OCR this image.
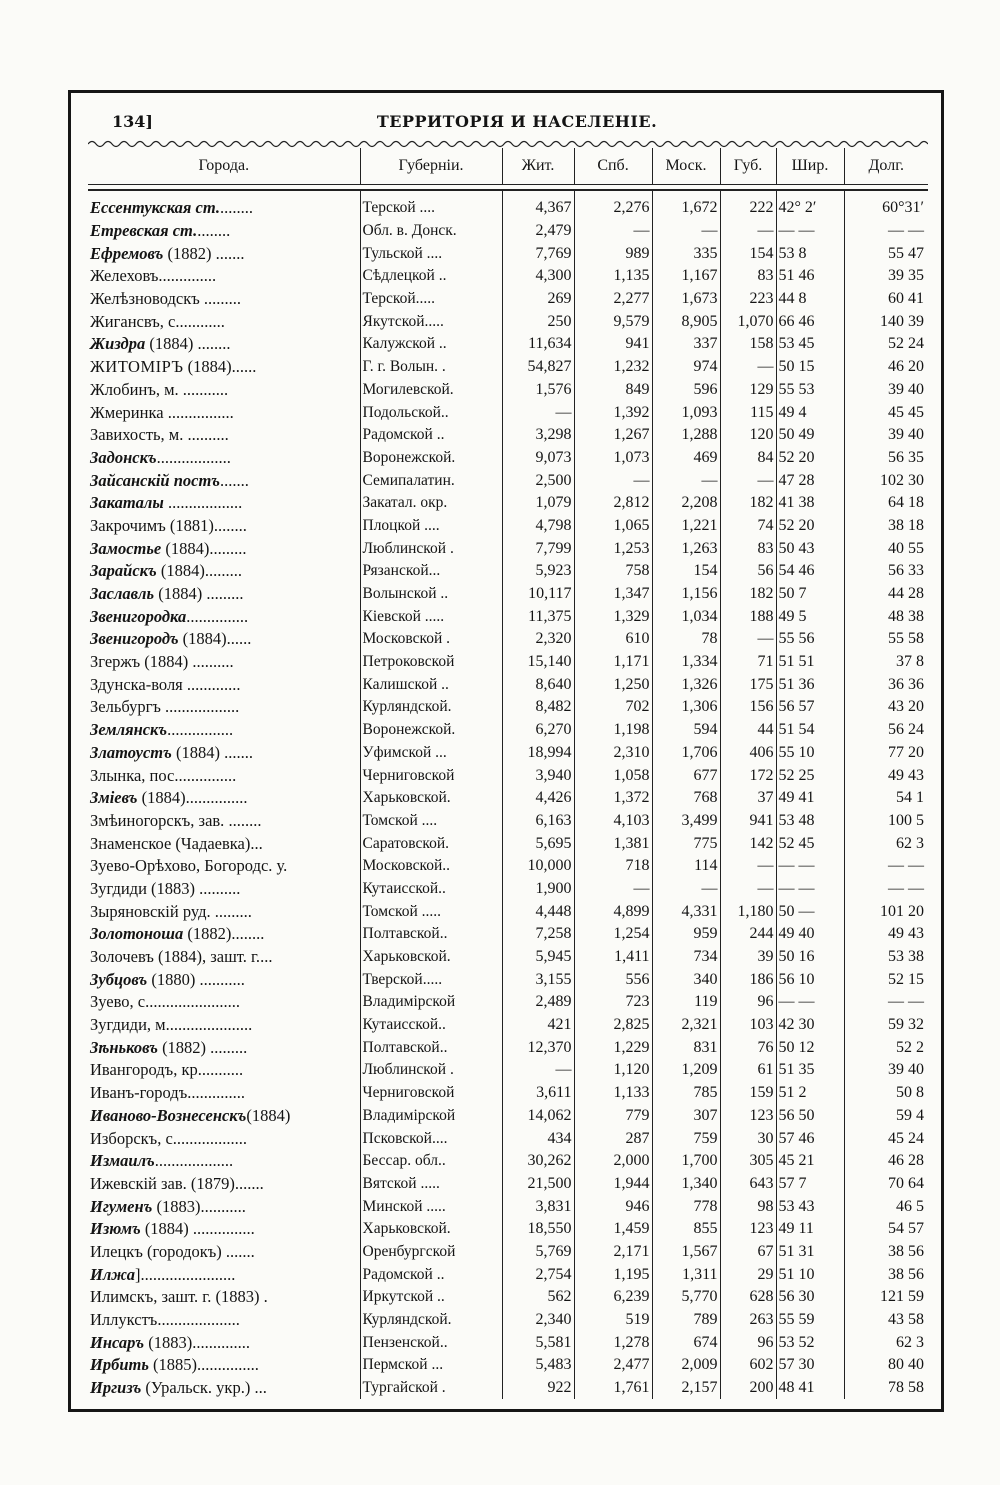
134]	ТЕРРИТОРІЯ И НАСЕЛЕНІЕ.
Города.	Губерніи.	Жит.	Спб.	Моск.	Губ.	Шир.	Долг.

Ессентукская ст.........	Терской ....	4,367	2,276	1,672	222	42° 2′	60°31′
Етревская ст.........	Обл. в. Донск.	2,479	—	—	—	— —	— —
Ефремовъ (1882) .......	Тульской ....	7,769	989	335	154	53 8	55 47
Желеховъ..............	Сѣдлецкой ..	4,300	1,135	1,167	83	51 46	39 35
Желѣзноводскъ .........	Терской.....	269	2,277	1,673	223	44 8	60 41
Жигансвъ, с............	Якутской.....	250	9,579	8,905	1,070	66 46	140 39
Жиздра (1884) ........	Калужской ..	11,634	941	337	158	53 45	52 24
ЖИТОМІРЪ (1884)......	Г. г. Волын. .	54,827	1,232	974	—	50 15	46 20
Жлобинъ, м. ...........	Могилевской.	1,576	849	596	129	55 53	39 40
Жмеринка ................	Подольской..	—	1,392	1,093	115	49 4	45 45
Завихость, м. ..........	Радомской ..	3,298	1,267	1,288	120	50 49	39 40
Задонскъ..................	Воронежской.	9,073	1,073	469	84	52 20	56 35
Зайсанскій постъ.......	Семипалатин.	2,500	—	—	—	47 28	102 30
Закаталы ..................	Закатал. окр.	1,079	2,812	2,208	182	41 38	64 18
Закрочимъ (1881)........	Плоцкой ....	4,798	1,065	1,221	74	52 20	38 18
Замостье (1884).........	Люблинской .	7,799	1,253	1,263	83	50 43	40 55
Зарайскъ (1884).........	Рязанской...	5,923	758	154	56	54 46	56 33
Заславль (1884) .........	Волынской ..	10,117	1,347	1,156	182	50 7	44 28
Звенигородка...............	Кіевской .....	11,375	1,329	1,034	188	49 5	48 38
Звенигородъ (1884)......	Московской .	2,320	610	78	—	55 56	55 58
Згержъ (1884) ..........	Петроковской	15,140	1,171	1,334	71	51 51	37 8
Здунска-воля .............	Калишской ..	8,640	1,250	1,326	175	51 36	36 36
Зельбургъ ..................	Курляндской.	8,482	702	1,306	156	56 57	43 20
Землянскъ................	Воронежской.	6,270	1,198	594	44	51 54	56 24
Златоустъ (1884) .......	Уфимской ...	18,994	2,310	1,706	406	55 10	77 20
Злынка, пос...............	Черниговской	3,940	1,058	677	172	52 25	49 43
Зміевъ (1884)...............	Харьковской.	4,426	1,372	768	37	49 41	54 1
Змѣиногорскъ, зав. ........	Томской ....	6,163	4,103	3,499	941	53 48	100 5
Знаменское (Чадаевка)...	Саратовской.	5,695	1,381	775	142	52 45	62 3
Зуево-Орѣхово, Богородс. у.	Московской..	10,000	718	114	—	— —	— —
Зугдиди (1883) ..........	Кутаисской..	1,900	—	—	—	— —	— —
Зыряновскій руд. .........	Томской .....	4,448	4,899	4,331	1,180	50 —	101 20
Золотоноша (1882)........	Полтавской..	7,258	1,254	959	244	49 40	49 43
Золочевъ (1884), зашт. г....	Харьковской.	5,945	1,411	734	39	50 16	53 38
Зубцовъ (1880) ...........	Тверской.....	3,155	556	340	186	56 10	52 15
Зуево, с.......................	Владимірской	2,489	723	119	96	— —	— —
Зугдиди, м.....................	Кутаисской..	421	2,825	2,321	103	42 30	59 32
Зѣньковъ (1882) .........	Полтавской..	12,370	1,229	831	76	50 12	52 2
Ивангородъ, кр...........	Люблинской .	—	1,120	1,209	61	51 35	39 40
Иванъ-городъ..............	Черниговской	3,611	1,133	785	159	51 2	50 8
Иваново-Вознесенскъ(1884)	Владимірской	14,062	779	307	123	56 50	59 4
Изборскъ, с..................	Псковской....	434	287	759	30	57 46	45 24
Измаилъ...................	Бессар. обл..	30,262	2,000	1,700	305	45 21	46 28
Ижевскій зав. (1879).......	Вятской .....	21,500	1,944	1,340	643	57 7	70 64
Игуменъ (1883)...........	Минской .....	3,831	946	778	98	53 43	46 5
Изюмъ (1884) ...............	Харьковской.	18,550	1,459	855	123	49 11	54 57
Илецкъ (городокъ) .......	Оренбургской	5,769	2,171	1,567	67	51 31	38 56
Илжа].......................	Радомской ..	2,754	1,195	1,311	29	51 10	38 56
Илимскъ, зашт. г. (1883) .	Иркутской ..	562	6,239	5,770	628	56 30	121 59
Иллукстъ....................	Курляндской.	2,340	519	789	263	55 59	43 58
Инсаръ (1883)..............	Пензенской..	5,581	1,278	674	96	53 52	62 3
Ирбить (1885)...............	Пермской ...	5,483	2,477	2,009	602	57 30	80 40
Иргизъ (Уральск. укр.) ...	Тургайской .	922	1,761	2,157	200	48 41	78 58
